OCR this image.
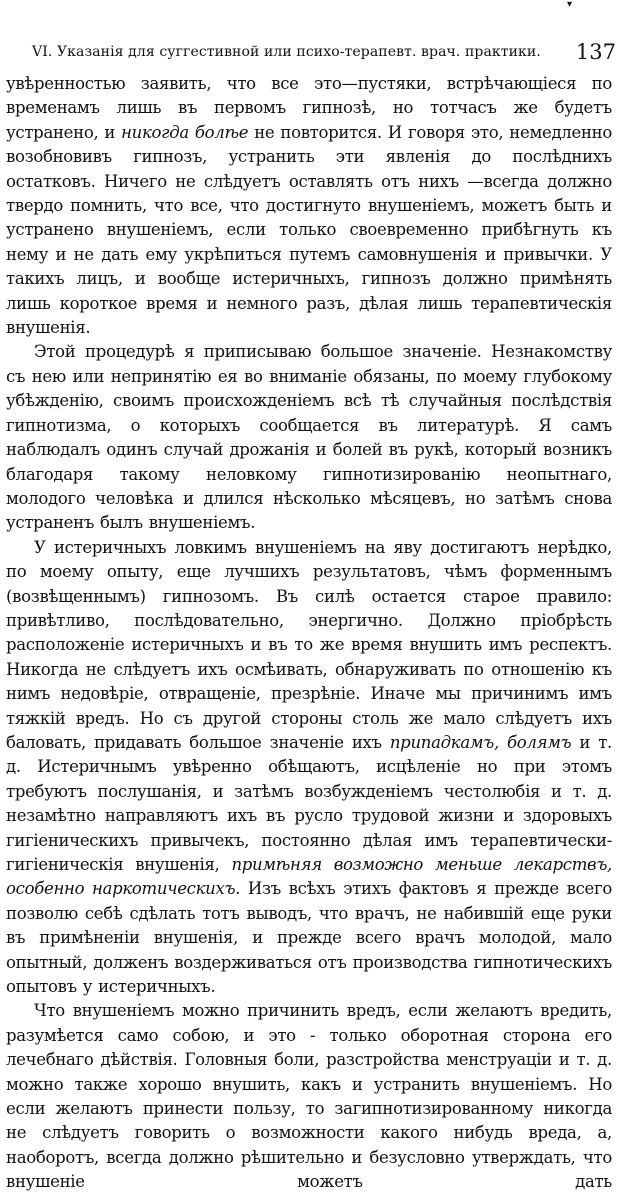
▾
VI. Указанія для суггестивной или психо-терапевт. врач. практики. 137

увѣренностью заявить, что все это—пустяки, встрѣчающіеся по временамъ лишь въ первомъ гипнозѣ, но тотчасъ же будетъ устранено, и никогда болѣе не повторится. И говоря это, немедленно возобновивъ гипнозъ, устранить эти явленія до послѣднихъ остатковъ. Ничего не слѣдуетъ оставлять отъ нихъ —всегда должно твердо помнить, что все, что достигнуто внушеніемъ, можетъ быть и устранено внушеніемъ, если только своевременно прибѣгнуть къ нему и не дать ему укрѣпиться путемъ самовнушенія и привычки. У такихъ лицъ, и вообще истеричныхъ, гипнозъ должно примѣнять лишь короткое время и немного разъ, дѣлая лишь терапевтическія внушенія.

Этой процедурѣ я приписываю большое значеніе. Незнакомству съ нею или непринятію ея во вниманіе обязаны, по моему глубокому убѣжденію, своимъ происхожденіемъ всѣ тѣ случайныя послѣдствія гипнотизма, о которыхъ сообщается въ литературѣ. Я самъ наблюдалъ одинъ случай дрожанія и болей въ рукѣ, который возникъ благодаря такому неловкому гипнотизированію неопытнаго, молодого человѣка и длился нѣсколько мѣсяцевъ, но затѣмъ снова устраненъ былъ внушеніемъ.

У истеричныхъ ловкимъ внушеніемъ на яву достигаютъ нерѣдко, по моему опыту, еще лучшихъ результатовъ, чѣмъ форменнымъ (возвѣщеннымъ) гипнозомъ. Въ силѣ остается старое правило: привѣтливо, послѣдовательно, энергично. Должно пріобрѣсть расположеніе истеричныхъ и въ то же время внушить имъ респектъ. Никогда не слѣдуетъ ихъ осмѣивать, обнаруживать по отношенію къ нимъ недовѣріе, отвращеніе, презрѣніе. Иначе мы причинимъ имъ тяжкій вредъ. Но съ другой стороны столь же мало слѣдуетъ ихъ баловать, придавать большое значеніе ихъ припадкамъ, болямъ и т. д. Истеричнымъ увѣренно обѣщаютъ, исцѣленіе но при этомъ требуютъ послушанія, и затѣмъ возбужденіемъ честолюбія и т. д. незамѣтно направляютъ ихъ въ русло трудовой жизни и здоровыхъ гигіеническихъ привычекъ, постоянно дѣлая имъ терапевтически-гигіеническія внушенія, примѣняя возможно меньше лекарствъ, особенно наркотическихъ. Изъ всѣхъ этихъ фактовъ я прежде всего позволю себѣ сдѣлать тотъ выводъ, что врачъ, не набившій еще руки въ примѣненіи внушенія, и прежде всего врачъ молодой, мало опытный, долженъ воздерживаться отъ производства гипнотическихъ опытовъ у истеричныхъ.

Что внушеніемъ можно причинить вредъ, если желаютъ вредить, разумѣется само собою, и это - только оборотная сторона его лечебнаго дѣйствія. Головныя боли, разстройства менструаціи и т. д. можно также хорошо внушить, какъ и устранить внушеніемъ. Но если желаютъ принести пользу, то загипнотизированному никогда не слѣдуетъ говорить о возможности какого нибудь вреда, а, наоборотъ, всегда должно рѣшительно и безусловно утверждать, что внушеніе можетъ дать
